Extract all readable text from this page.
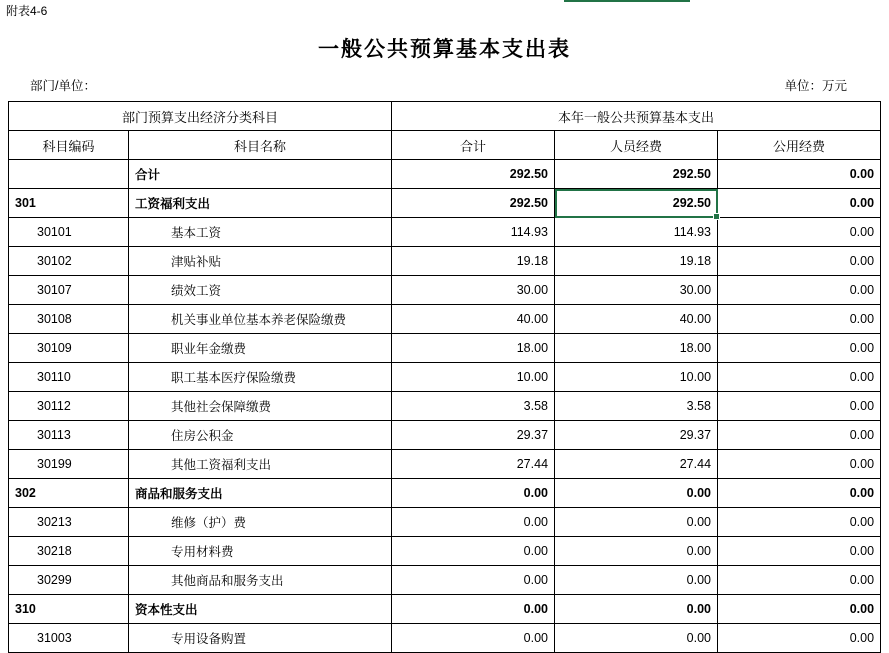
附表4-6
一般公共预算基本支出表
部门/单位：	单位：万元
部门预算支出经济分类科目		本年一般公共预算基本支出		
科目编码	科目名称	合计	人员经费	公用经费
	合计	292.50	292.50	0.00
301	工资福利支出	292.50	292.50	0.00
30101	基本工资	114.93	114.93	0.00
30102	津贴补贴	19.18	19.18	0.00
30107	绩效工资	30.00	30.00	0.00
30108	机关事业单位基本养老保险缴费	40.00	40.00	0.00
30109	职业年金缴费	18.00	18.00	0.00
30110	职工基本医疗保险缴费	10.00	10.00	0.00
30112	其他社会保障缴费	3.58	3.58	0.00
30113	住房公积金	29.37	29.37	0.00
30199	其他工资福利支出	27.44	27.44	0.00
302	商品和服务支出	0.00	0.00	0.00
30213	维修（护）费	0.00	0.00	0.00
30218	专用材料费	0.00	0.00	0.00
30299	其他商品和服务支出	0.00	0.00	0.00
310	资本性支出	0.00	0.00	0.00
31003	专用设备购置	0.00	0.00	0.00
